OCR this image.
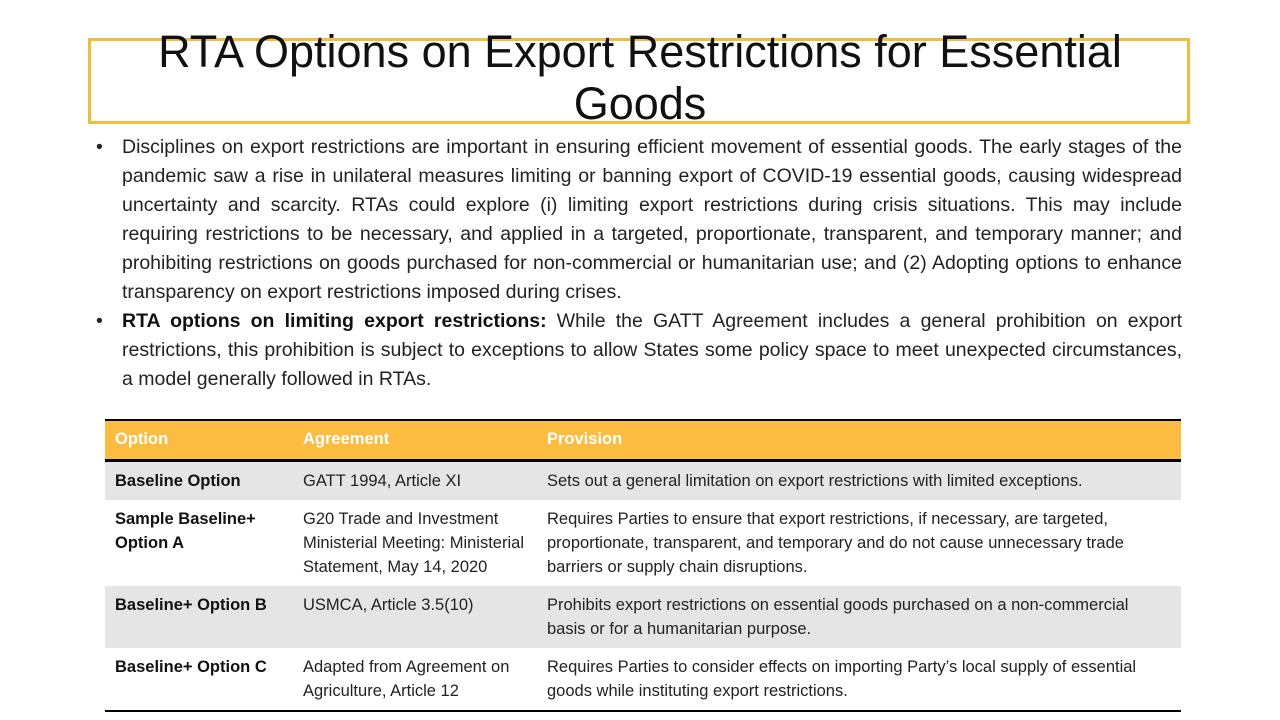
RTA Options on Export Restrictions for Essential Goods
• Disciplines on export restrictions are important in ensuring efficient movement of essential goods. The early stages of the pandemic saw a rise in unilateral measures limiting or banning export of COVID-19 essential goods, causing widespread uncertainty and scarcity. RTAs could explore (i) limiting export restrictions during crisis situations. This may include requiring restrictions to be necessary, and applied in a targeted, proportionate, transparent, and temporary manner; and prohibiting restrictions on goods purchased for non-commercial or humanitarian use; and (2) Adopting options to enhance transparency on export restrictions imposed during crises.
• RTA options on limiting export restrictions: While the GATT Agreement includes a general prohibition on export restrictions, this prohibition is subject to exceptions to allow States some policy space to meet unexpected circumstances, a model generally followed in RTAs.
Option	Agreement	Provision
Baseline Option	GATT 1994, Article XI	Sets out a general limitation on export restrictions with limited exceptions.
Sample Baseline+ Option A	G20 Trade and Investment Ministerial Meeting: Ministerial Statement, May 14, 2020	Requires Parties to ensure that export restrictions, if necessary, are targeted, proportionate, transparent, and temporary and do not cause unnecessary trade barriers or supply chain disruptions.
Baseline+ Option B	USMCA, Article 3.5(10)	Prohibits export restrictions on essential goods purchased on a non-commercial basis or for a humanitarian purpose.
Baseline+ Option C	Adapted from Agreement on Agriculture, Article 12	Requires Parties to consider effects on importing Party’s local supply of essential goods while instituting export restrictions.
